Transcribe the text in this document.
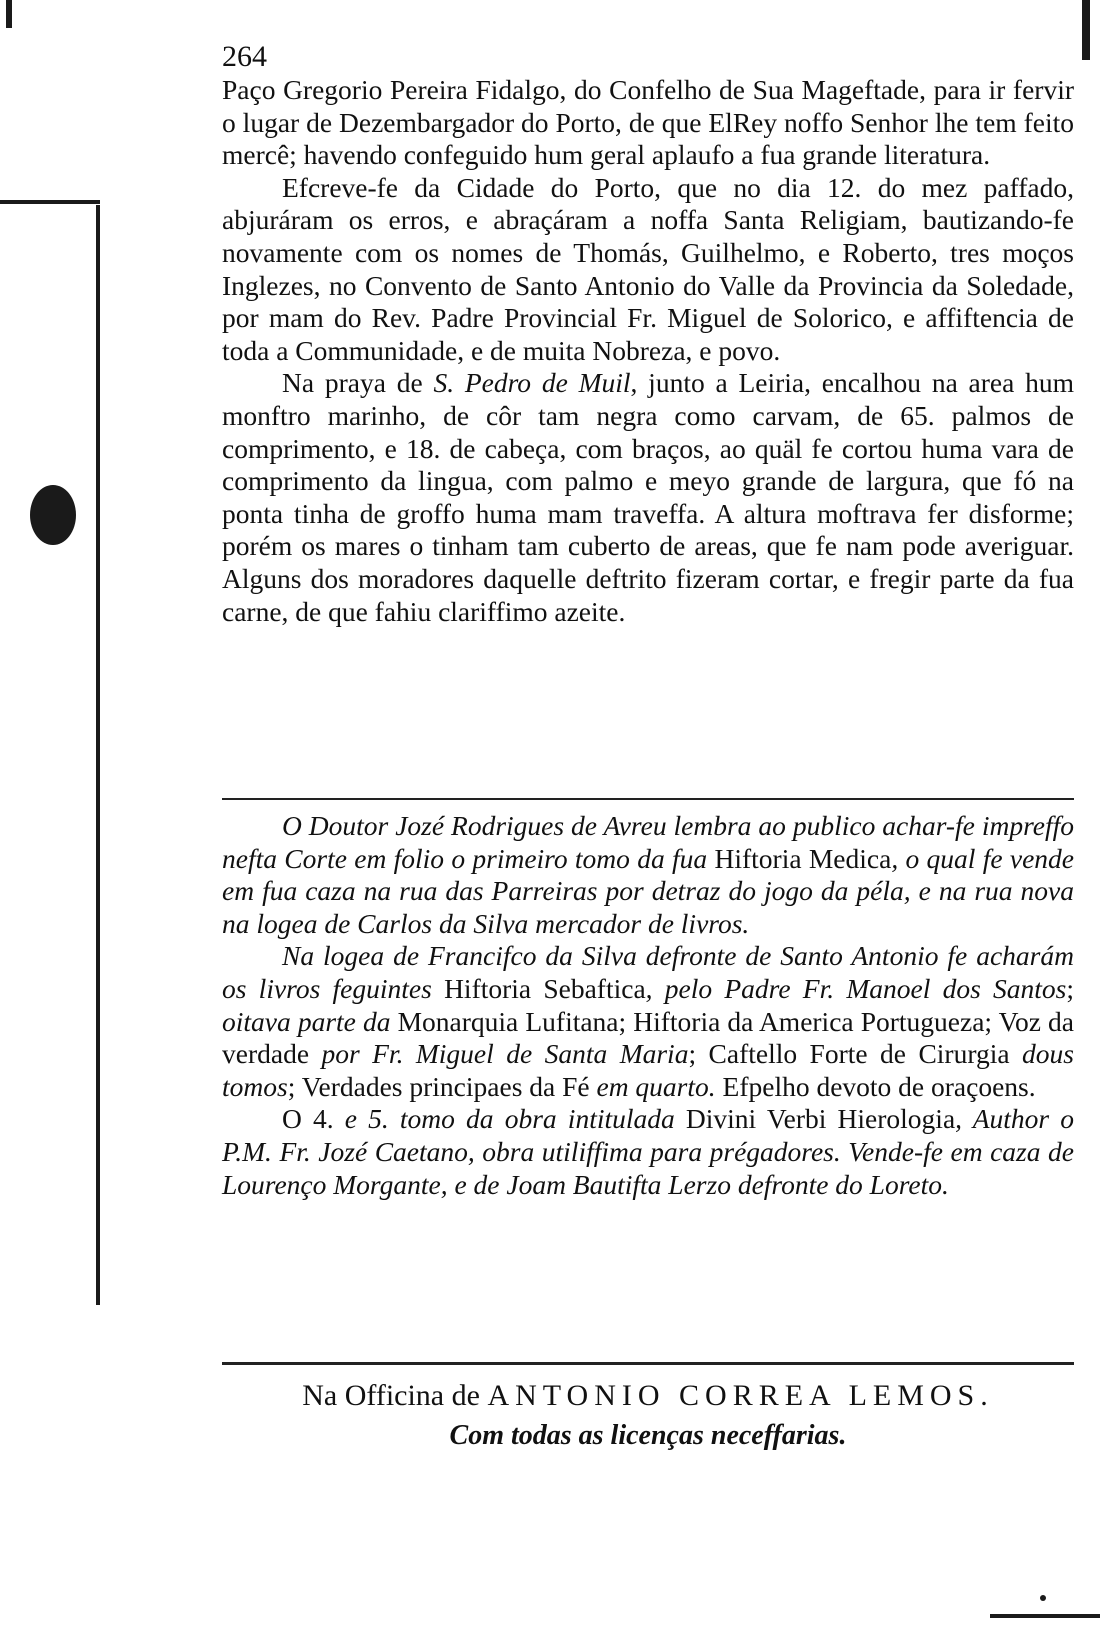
264

Paço Gregorio Pereira Fidalgo, do Confelho de Sua Mageftade, para ir fervir o lugar de Dezembargador do Porto, de que ElRey noffo Senhor lhe tem feito mercê; havendo confeguido hum geral aplaufo a fua grande literatura.

Efcreve-fe da Cidade do Porto, que no dia 12. do mez paffado, abjuráram os erros, e abraçáram a noffa Santa Religiam, bautizando-fe novamente com os nomes de Thomás, Guilhelmo, e Roberto, tres moços Inglezes, no Convento de Santo Antonio do Valle da Provincia da Soledade, por mam do Rev. Padre Provincial Fr. Miguel de Solorico, e affiftencia de toda a Communidade, e de muita Nobreza, e povo.

Na praya de S. Pedro de Muil, junto a Leiria, encalhou na area hum monftro marinho, de côr tam negra como carvam, de 65. palmos de comprimento, e 18. de cabeça, com braços, ao quäl fe cortou huma vara de comprimento da lingua, com palmo e meyo grande de largura, que fó na ponta tinha de groffo huma mam traveffa. A altura moftrava fer disforme; porém os mares o tinham tam cuberto de areas, que fe nam pode averiguar. Alguns dos moradores daquelle deftrito fizeram cortar, e fregir parte da fua carne, de que fahiu clariffimo azeite.

O Doutor Jozé Rodrigues de Avreu lembra ao publico achar-fe impreffo nefta Corte em folio o primeiro tomo da fua Hiftoria Medica, o qual fe vende em fua caza na rua das Parreiras por detraz do jogo da péla, e na rua nova na logea de Carlos da Silva mercador de livros.

Na logea de Francifco da Silva defronte de Santo Antonio fe acharám os livros feguintes Hiftoria Sebaftica, pelo Padre Fr. Manoel dos Santos; oitava parte da Monarquia Lufitana; Hiftoria da America Portugueza; Voz da verdade por Fr. Miguel de Santa Maria; Caftello Forte de Cirurgia dous tomos; Verdades principaes da Fé em quarto. Efpelho devoto de oraçoens.

O 4. e 5. tomo da obra intitulada Divini Verbi Hierologia, Author o P.M. Fr. Jozé Caetano, obra utiliffima para prégadores. Vende-fe em caza de Lourenço Morgante, e de Joam Bautifta Lerzo defronte do Loreto.

Na Officina de ANTONIO CORREA LEMOS.
Com todas as licenças neceffarias.
